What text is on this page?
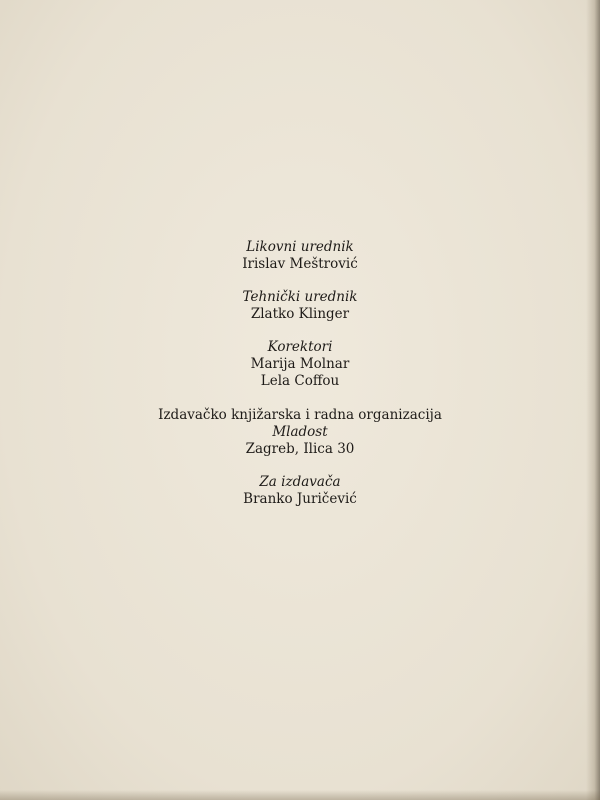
Likovni urednik
Irislav Meštrović
Tehnički urednik
Zlatko Klinger
Korektori
Marija Molnar
Lela Coffou
Izdavačko knjižarska i radna organizacija
Mladost
Zagreb, Ilica 30
Za izdavača
Branko Juričević
